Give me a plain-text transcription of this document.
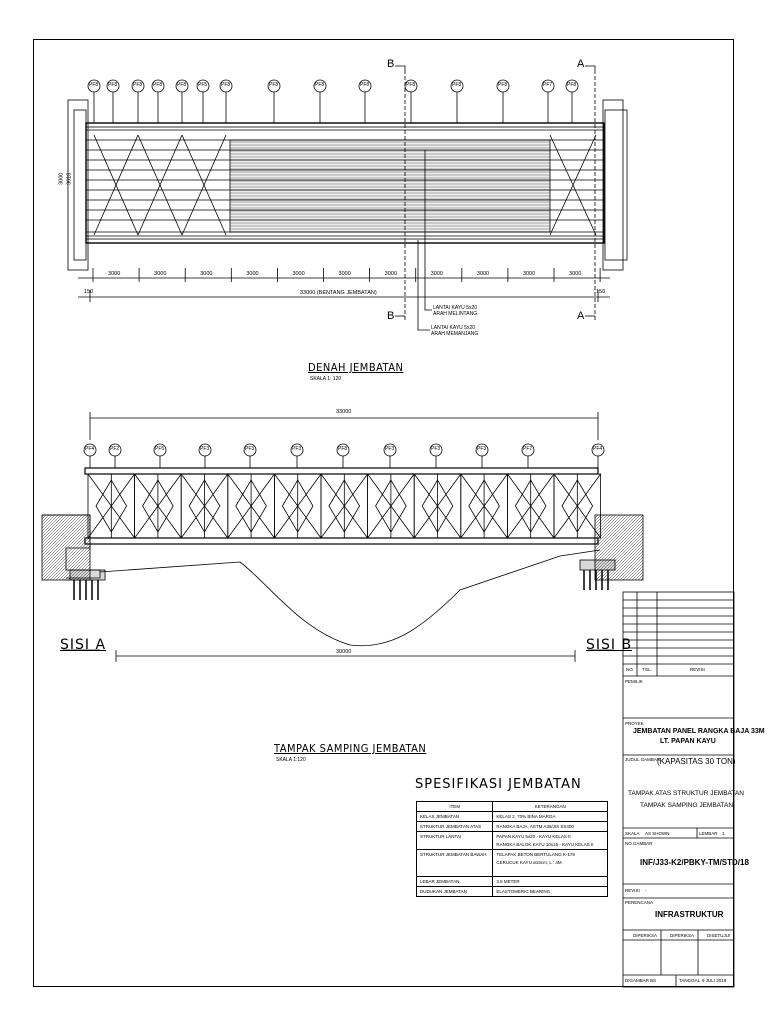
PF8 PF8	PF8 PF8	PF8 PF5	PF8	PF8	PF8	PF8	PF8	PF8	PF8	PF7	PF8
3000	3000	3000	3000	3000	3000	3000	3000	3000	3000	3000
150	150
33000 (BENTANG JEMBATAN)
3000 3618
B	A
B	A
LANTAI KAYU 5x20
ARAH MELINTANG
LANTAI KAYU 5x20
ARAH MEMANJANG
DENAH JEMBATAN
SKALA 1: 120
33000
PF4	PF2	PF5	PF3	PF3	PF3	PF8	PF3	PF3	PF3	PF7	PF4
SISI A	SISI B
30000
TAMPAK SAMPING JEMBATAN
SKALA 1:120
SPESIFIKASI JEMBATAN
ITEM	KETERANGAN
KELAS JEMBATAN	KELAS 2, 70% BINA MARGA
STRUKTUR JEMBATAN ATAS	RANGKA BAJA, ASTM A36/JIS SS400
STRUKTUR LANTAI	PAPAN KAYU 5x20 - KAYU KELAS II
RANGKA BALOK KAYU 10x15 - KAYU KELAS II

STRUKTUR JEMBATAN BAWAH	TELAPAK BETON BERTULANG K-175
CERUCUK KAYU ø15cm, L : 4M

LEBAR JEMBATAN	3.5 METER
DUDUKAN JEMBATAN	ELASTOMERIC BEARING
NO. TGL.	REVISI
PEMILIK
PROYEK
JEMBATAN PANEL RANGKA BAJA 33M
LT. PAPAN KAYU
JUDUL GAMBAR
(KAPASITAS 30 TON)
TAMPAK ATAS STRUKTUR JEMBATAN
TAMPAK SAMPING JEMBATAN
SKALA AS SHOWN	LEMBAR 1
NO.GAMBAR
INF/J33-K2/PBKY-TM/STD/18
REVISI -
PERENCANA
INFRASTRUKTUR
DIPERIKSA	DIPERIKSA	DISETUJUI
DIGAMBAR BS	TANGGAL 9 JULI 2018
